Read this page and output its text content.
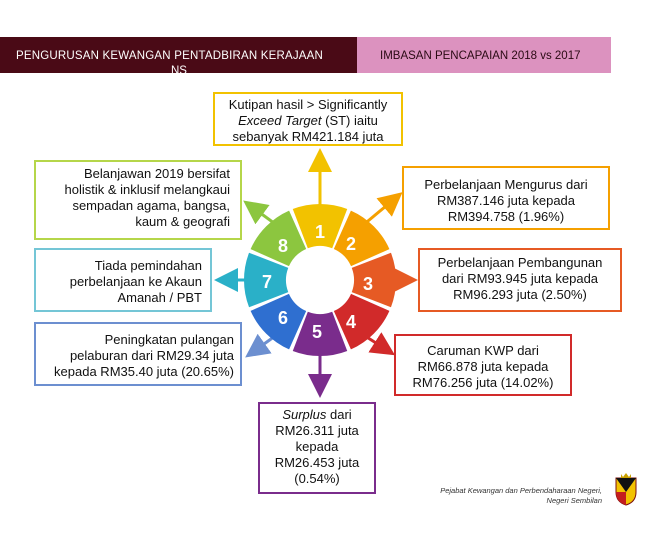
PENGURUSAN KEWANGAN PENTADBIRAN KERAJAAN
NS
IMBASAN PENCAPAIAN 2018 vs 2017
1
2
3
4
5
6
7
8
Kutipan hasil > Significantly
Exceed Target (ST) iaitu
sebanyak RM421.184 juta
Belanjawan 2019 bersifat
holistik & inklusif melangkaui
sempadan agama, bangsa,
kaum & geografi
Tiada pemindahan
perbelanjaan ke Akaun
Amanah / PBT
Peningkatan pulangan
pelaburan dari RM29.34 juta
kepada RM35.40 juta (20.65%)
Perbelanjaan Mengurus dari
RM387.146 juta kepada
RM394.758 (1.96%)
Perbelanjaan Pembangunan
dari RM93.945 juta kepada
RM96.293 juta (2.50%)
Caruman KWP dari
RM66.878 juta kepada
RM76.256 juta (14.02%)
Surplus dari
RM26.311 juta
kepada
RM26.453 juta
(0.54%)
Pejabat Kewangan dan Perbendaharaan Negeri,
Negeri Sembilan
